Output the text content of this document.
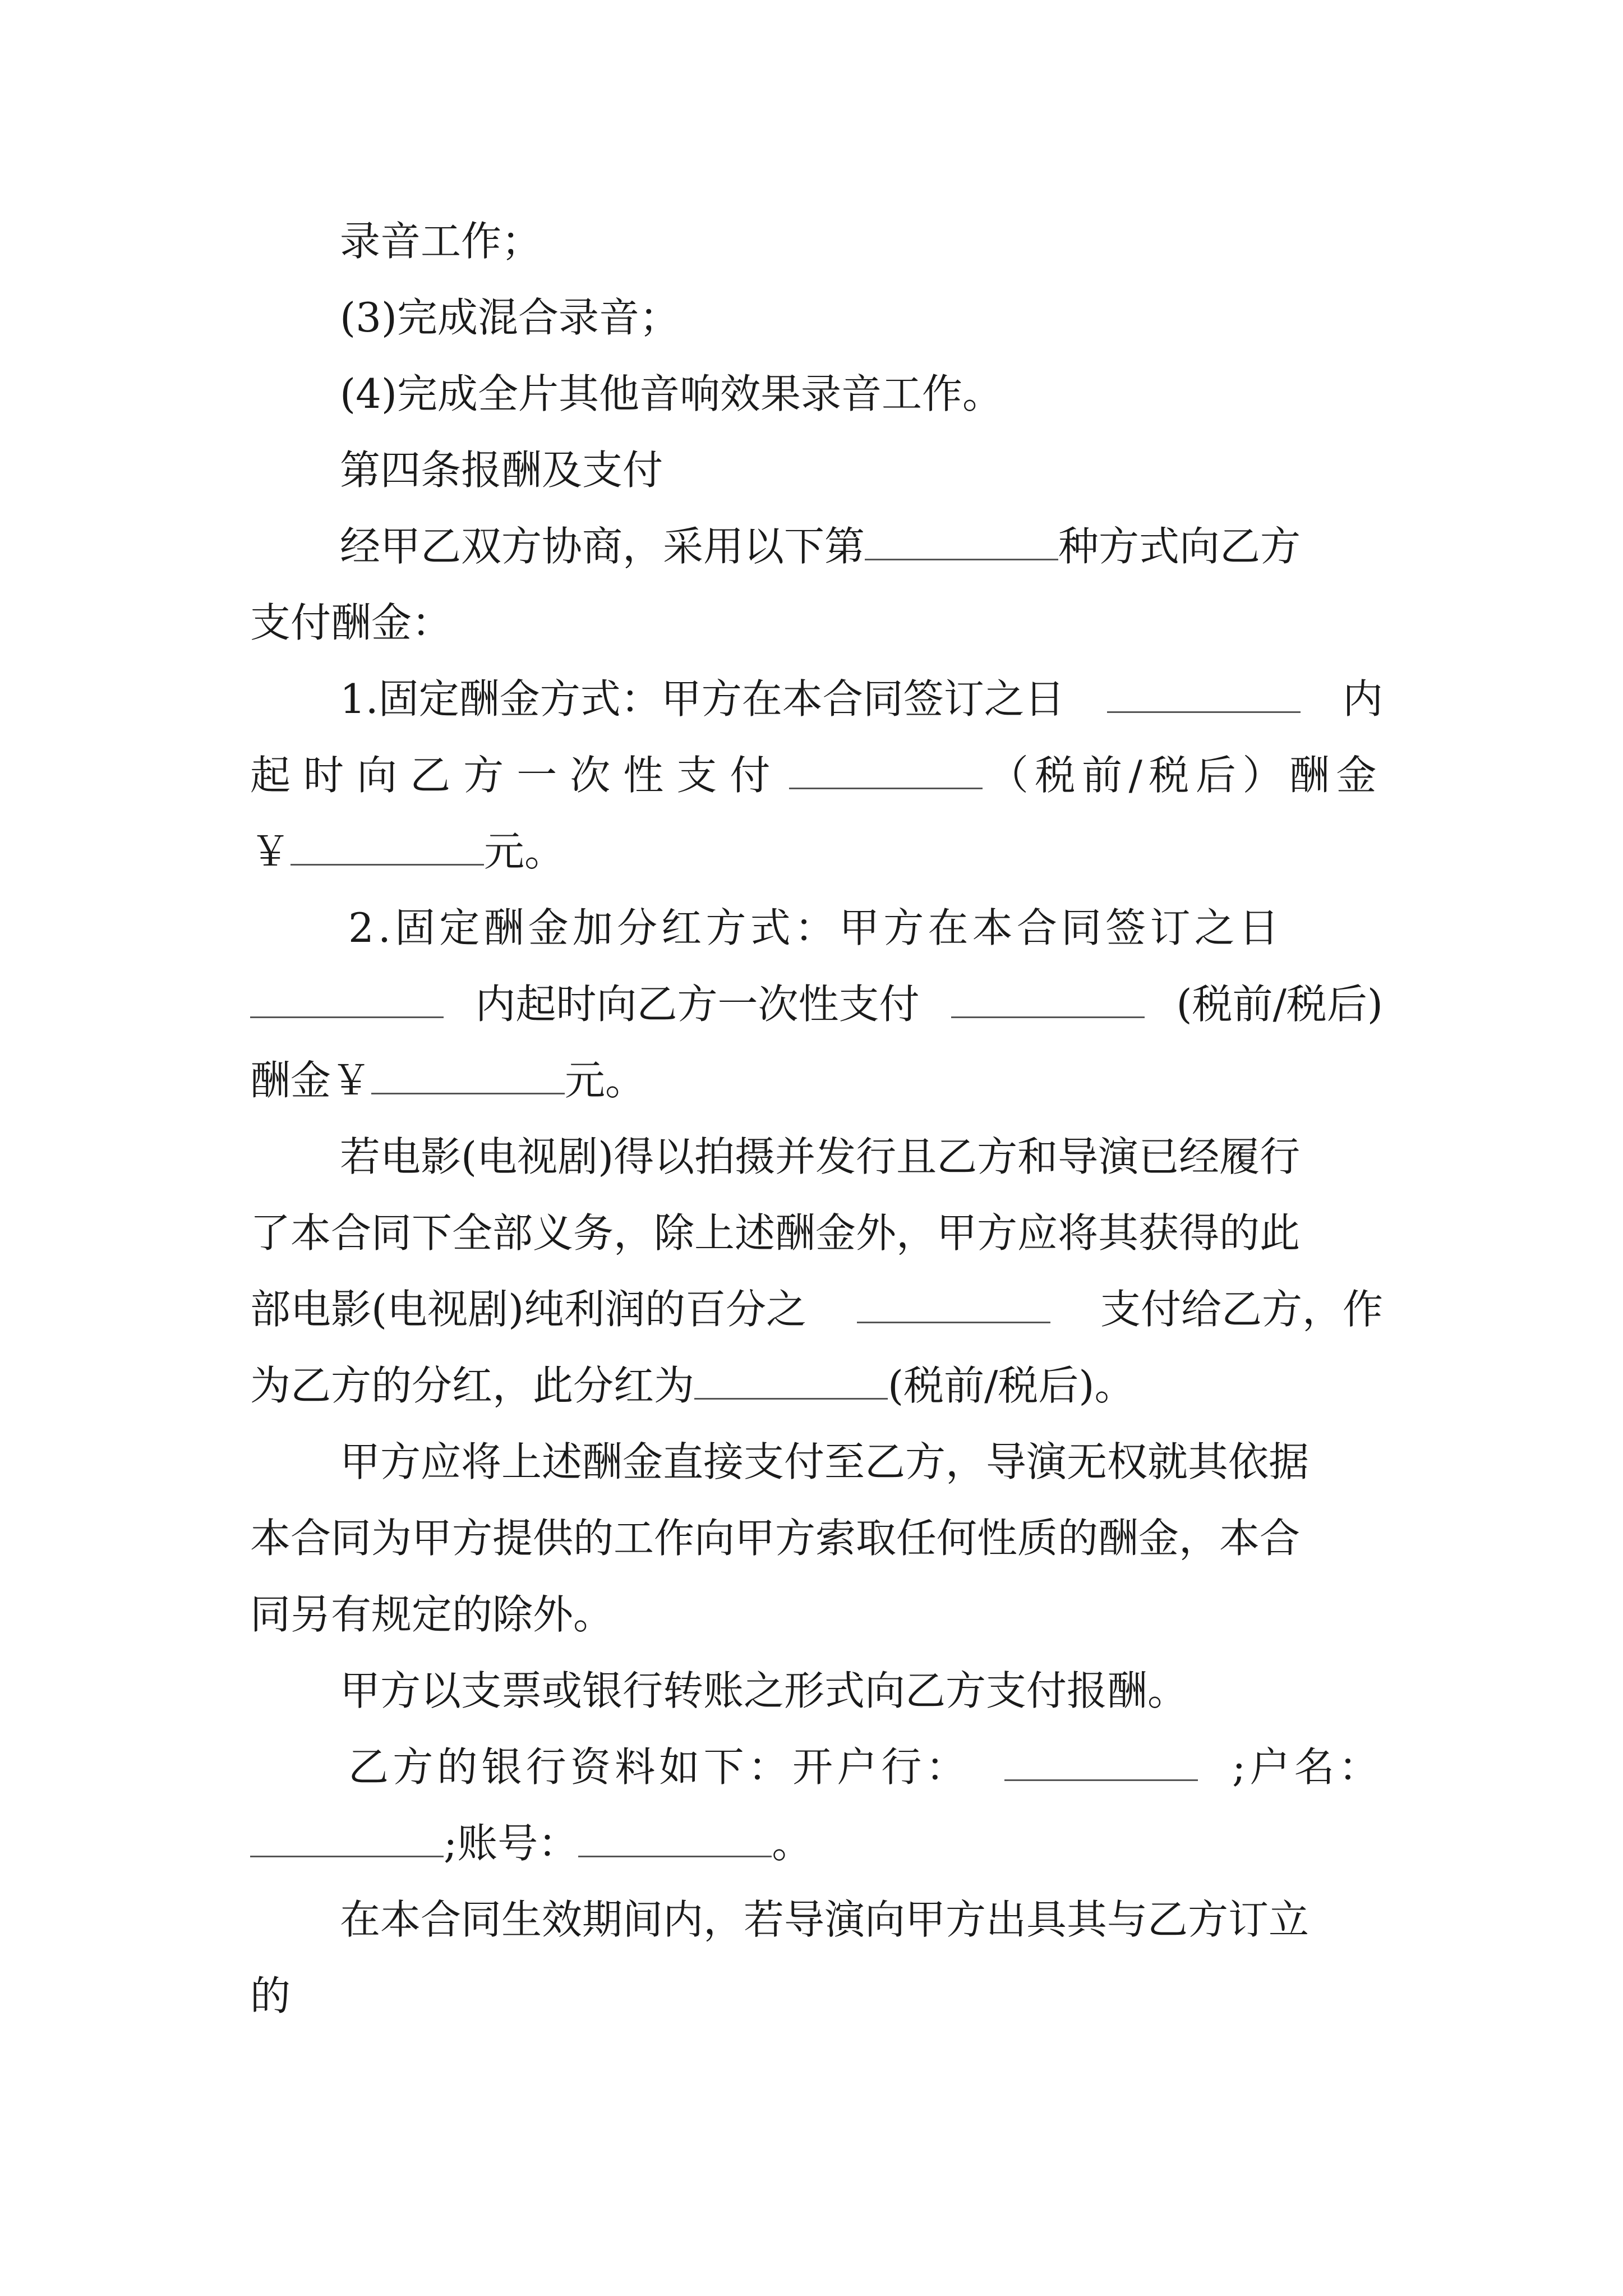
录音工作；
(3)完成混合录音；
(4)完成全片其他音响效果录音工作。
第四条报酬及支付
经甲乙双方协商，采用以下第	种方式向乙方
支付酬金：
1.固定酬金方式：甲方在本合同签订之日	内
起时向乙方一次性支付	（税前/税后）酬金
￥	元。
2.固定酬金加分红方式：甲方在本合同签订之日
内起时向乙方一次性支付	(税前/税后)
酬金￥	元。
若电影(电视剧)得以拍摄并发行且乙方和导演已经履行
了本合同下全部义务，除上述酬金外，甲方应将其获得的此
部电影(电视剧)纯利润的百分之	支付给乙方，作
为乙方的分红，此分红为	(税前/税后)。
甲方应将上述酬金直接支付至乙方，导演无权就其依据
本合同为甲方提供的工作向甲方索取任何性质的酬金，本合
同另有规定的除外。
甲方以支票或银行转账之形式向乙方支付报酬。
乙方的银行资料如下：开户行：	;户名：
;账号：	。
在本合同生效期间内，若导演向甲方出具其与乙方订立
的
